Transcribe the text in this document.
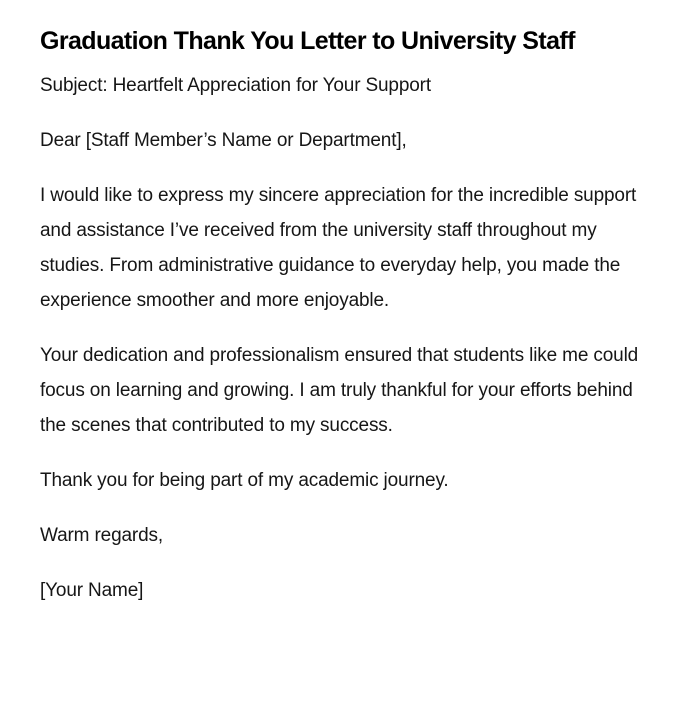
Graduation Thank You Letter to University Staff

Subject: Heartfelt Appreciation for Your Support

Dear [Staff Member’s Name or Department],

I would like to express my sincere appreciation for the incredible support and assistance I’ve received from the university staff throughout my studies. From administrative guidance to everyday help, you made the experience smoother and more enjoyable.

Your dedication and professionalism ensured that students like me could focus on learning and growing. I am truly thankful for your efforts behind the scenes that contributed to my success.

Thank you for being part of my academic journey.

Warm regards,

[Your Name]
